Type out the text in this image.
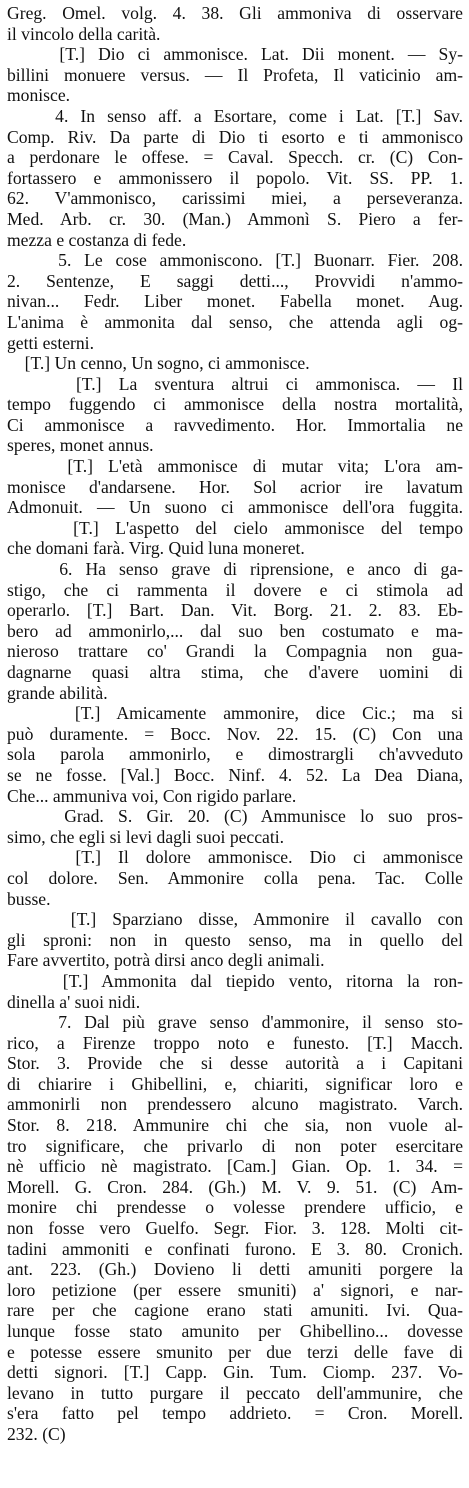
Greg. Omel. volg. 4. 38. Gli ammoniva di osservare
il vincolo della carità.
[T.] Dio ci ammonisce. Lat. Dii monent. — Sy-
billini monuere versus. — Il Profeta, Il vaticinio am-
monisce.
4. In senso aff. a Esortare, come i Lat. [T.] Sav.
Comp. Riv. Da parte di Dio ti esorto e ti ammonisco
a perdonare le offese. = Caval. Specch. cr. (C) Con-
fortassero e ammonissero il popolo. Vit. SS. PP. 1.
62. V'ammonisco, carissimi miei, a perseveranza.
Med. Arb. cr. 30. (Man.) Ammonì S. Piero a fer-
mezza e costanza di fede.
5. Le cose ammoniscono. [T.] Buonarr. Fier. 208.
2. Sentenze, E saggi detti..., Provvidi n'ammo-
nivan... Fedr. Liber monet. Fabella monet. Aug.
L'anima è ammonita dal senso, che attenda agli og-
getti esterni.
[T.] Un cenno, Un sogno, ci ammonisce.
[T.] La sventura altrui ci ammonisca. — Il
tempo fuggendo ci ammonisce della nostra mortalità,
Ci ammonisce a ravvedimento. Hor. Immortalia ne
speres, monet annus.
[T.] L'età ammonisce di mutar vita; L'ora am-
monisce d'andarsene. Hor. Sol acrior ire lavatum
Admonuit. — Un suono ci ammonisce dell'ora fuggita.
[T.] L'aspetto del cielo ammonisce del tempo
che domani farà. Virg. Quid luna moneret.
6. Ha senso grave di riprensione, e anco di ga-
stigo, che ci rammenta il dovere e ci stimola ad
operarlo. [T.] Bart. Dan. Vit. Borg. 21. 2. 83. Eb-
bero ad ammonirlo,... dal suo ben costumato e ma-
nieroso trattare co' Grandi la Compagnia non gua-
dagnarne quasi altra stima, che d'avere uomini di
grande abilità.
[T.] Amicamente ammonire, dice Cic.; ma si
può duramente. = Bocc. Nov. 22. 15. (C) Con una
sola parola ammonirlo, e dimostrargli ch'avveduto
se ne fosse. [Val.] Bocc. Ninf. 4. 52. La Dea Diana,
Che... ammuniva voi, Con rigido parlare.
Grad. S. Gir. 20. (C) Ammunisce lo suo pros-
simo, che egli si levi dagli suoi peccati.
[T.] Il dolore ammonisce. Dio ci ammonisce
col dolore. Sen. Ammonire colla pena. Tac. Colle
busse.
[T.] Sparziano disse, Ammonire il cavallo con
gli sproni: non in questo senso, ma in quello del
Fare avvertito, potrà dirsi anco degli animali.
[T.] Ammonita dal tiepido vento, ritorna la ron-
dinella a' suoi nidi.
7. Dal più grave senso d'ammonire, il senso sto-
rico, a Firenze troppo noto e funesto. [T.] Macch.
Stor. 3. Provide che si desse autorità a i Capitani
di chiarire i Ghibellini, e, chiariti, significar loro e
ammonirli non prendessero alcuno magistrato. Varch.
Stor. 8. 218. Ammunire chi che sia, non vuole al-
tro significare, che privarlo di non poter esercitare
nè ufficio nè magistrato. [Cam.] Gian. Op. 1. 34. =
Morell. G. Cron. 284. (Gh.) M. V. 9. 51. (C) Am-
monire chi prendesse o volesse prendere ufficio, e
non fosse vero Guelfo. Segr. Fior. 3. 128. Molti cit-
tadini ammoniti e confinati furono. E 3. 80. Cronich.
ant. 223. (Gh.) Dovieno li detti amuniti porgere la
loro petizione (per essere smuniti) a' signori, e nar-
rare per che cagione erano stati amuniti. Ivi. Qua-
lunque fosse stato amunito per Ghibellino... dovesse
e potesse essere smunito per due terzi delle fave di
detti signori. [T.] Capp. Gin. Tum. Ciomp. 237. Vo-
levano in tutto purgare il peccato dell'ammunire, che
s'era fatto pel tempo addrieto. = Cron. Morell.
232. (C)
